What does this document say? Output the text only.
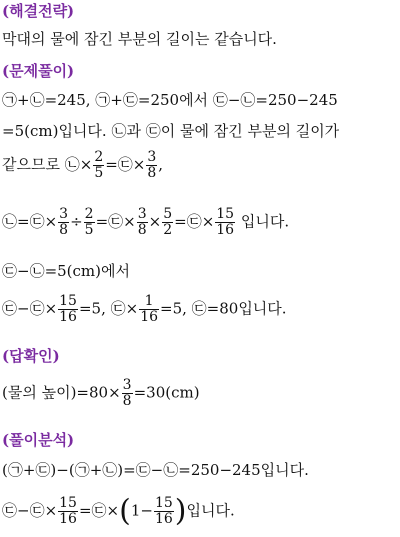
(해결전략)
막대의 물에 잠긴 부분의 길이는 같습니다.
(문제풀이)
㉠+㉡=245, ㉠+㉢=250에서 ㉢−㉡=250−245
=5(cm)입니다. ㉡과 ㉢이 물에 잠긴 부분의 길이가
같으므로 ㉡× $\frac{2}{5}$ =㉢× $\frac{3}{8}$ ,
㉡=㉢× $\frac{3}{8} \div \frac{2}{5}$ =㉢× $\frac{3}{8} \times \frac{5}{2}$ =㉢× $\frac{15}{16}$ 입니다.
㉢−㉡=5(cm)에서
㉢−㉢× $\frac{15}{16} =5$, ㉢× $\frac{1}{16} =5$, ㉢=80입니다.
(답확인)
(물의 높이)$=80\times \frac{3}{8} =30(cm)$
(풀이분석)
(㉠+㉢)−(㉠+㉡)=㉢−㉡=250−245입니다.
㉢−㉢× $\frac{15}{16}$ =㉢×(1− $\frac{15}{16}$ )입니다.
